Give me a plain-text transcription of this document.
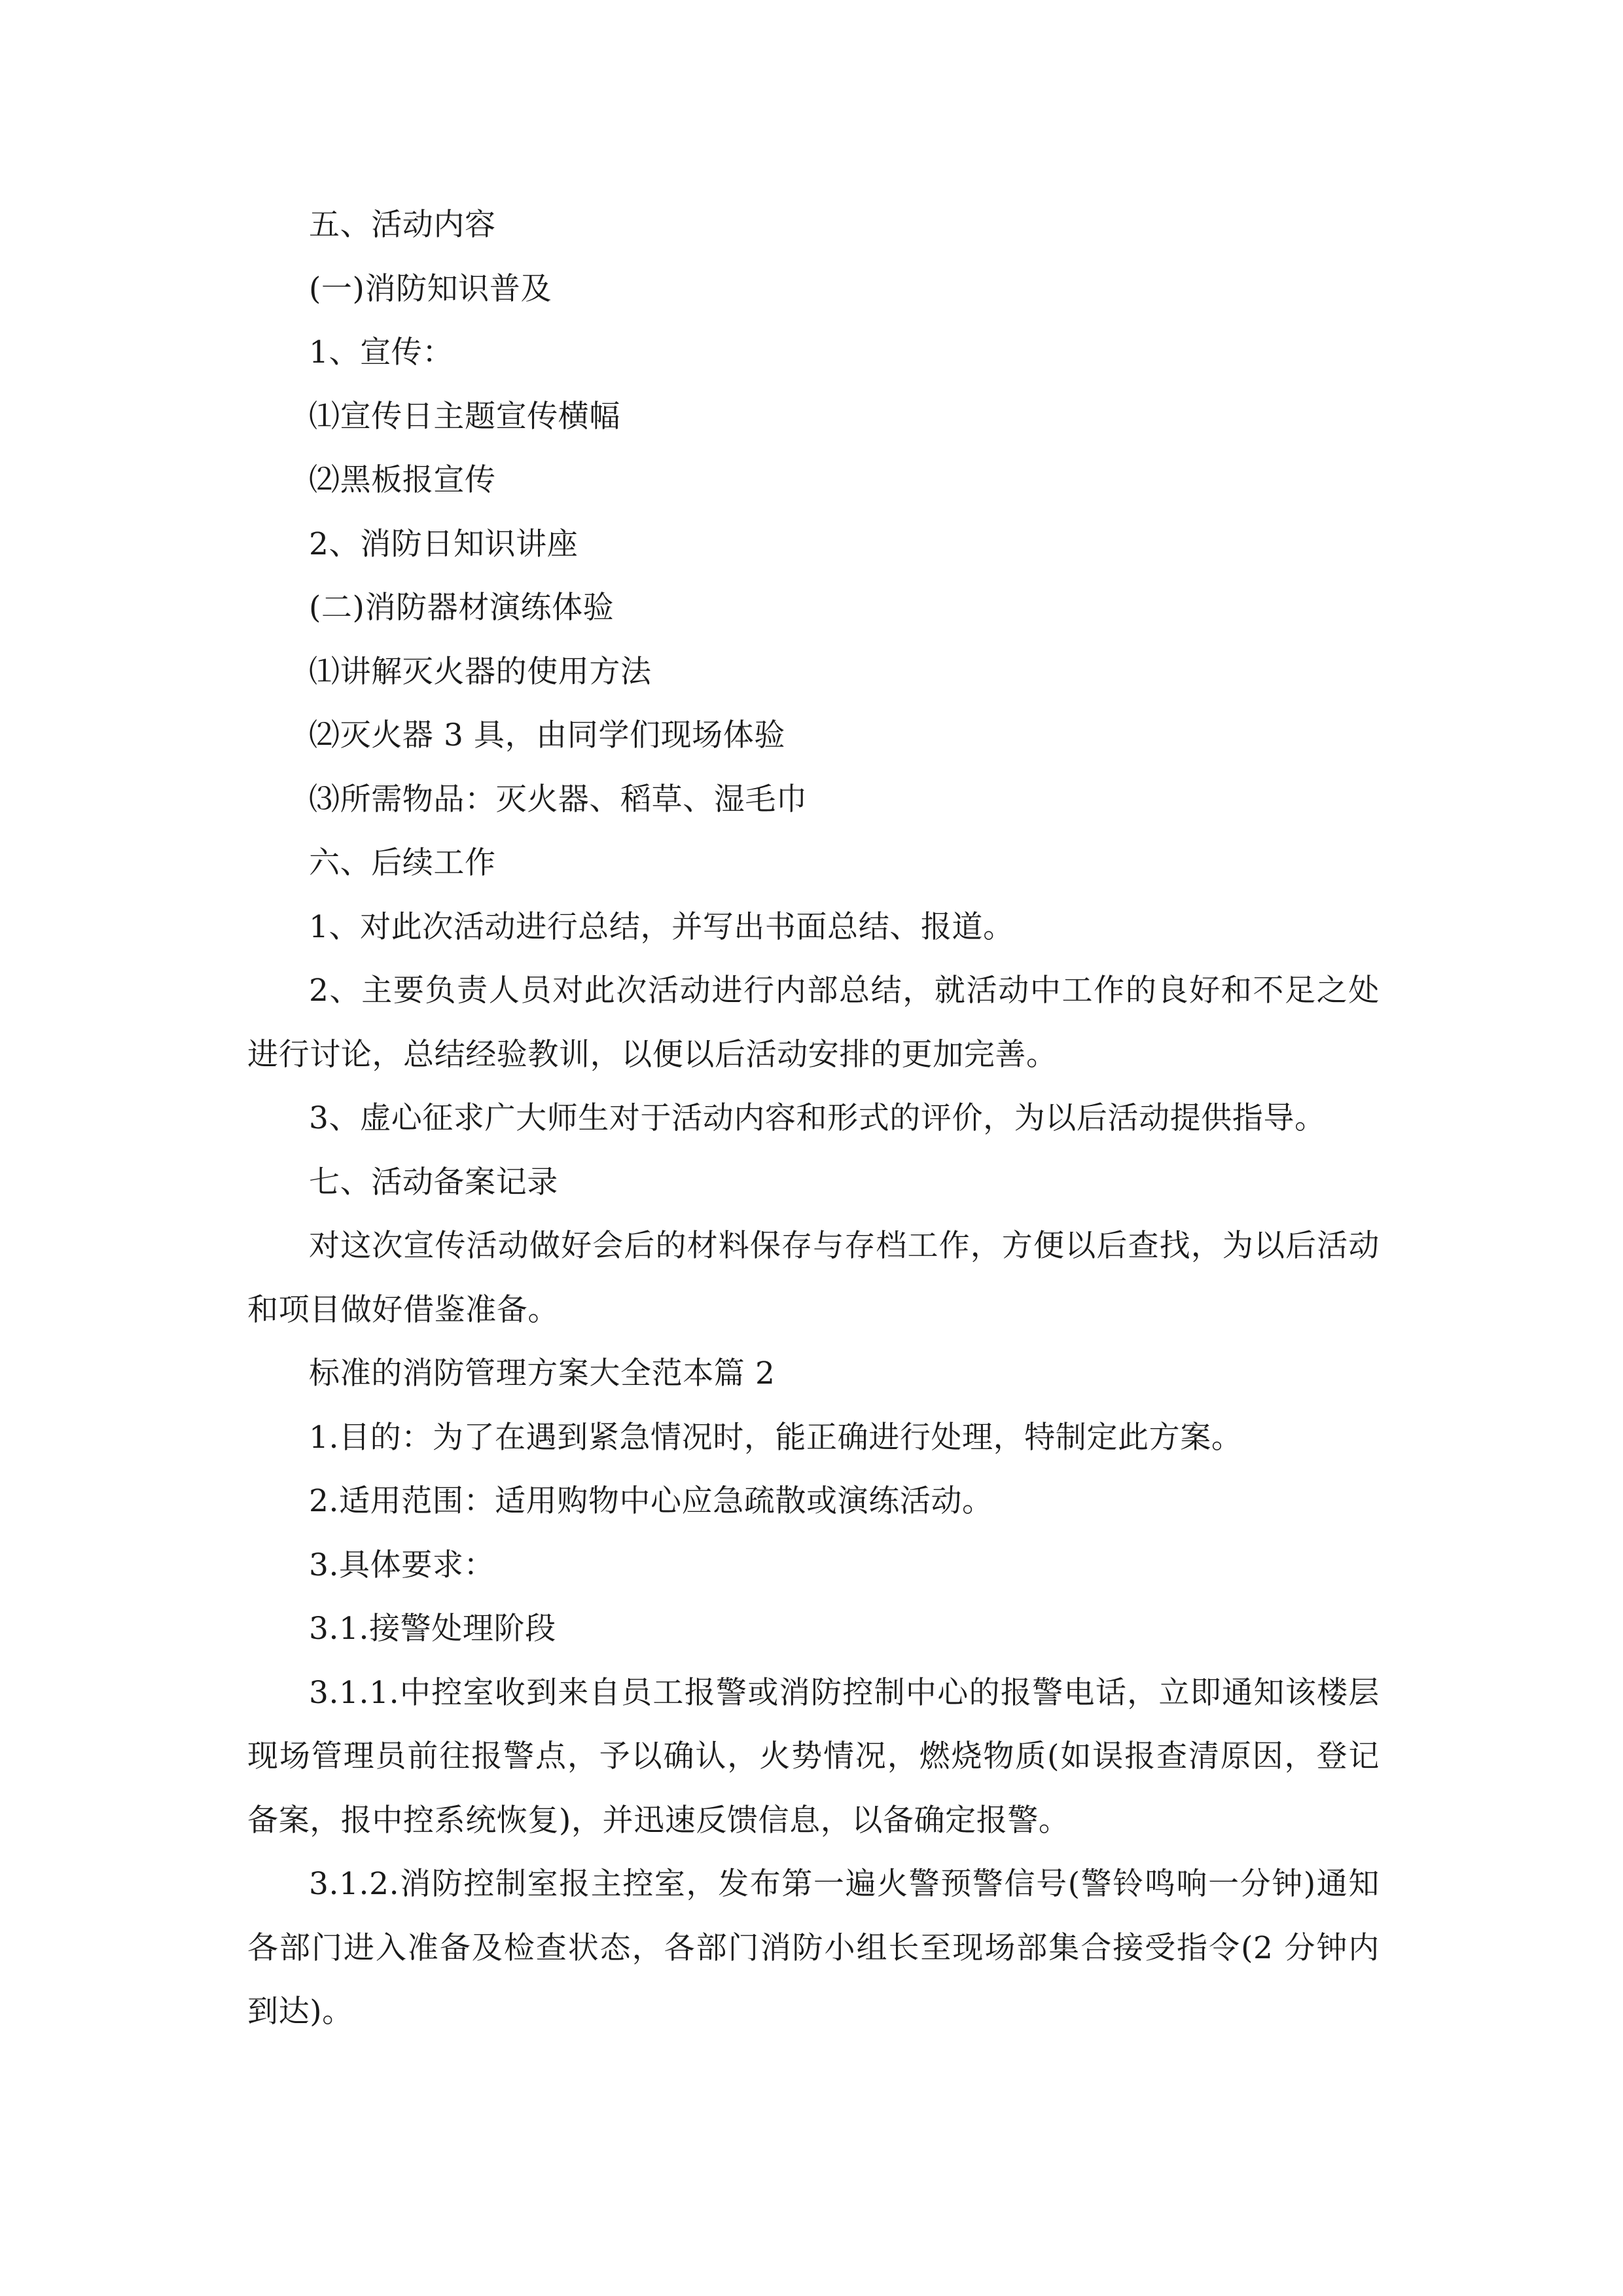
五、活动内容

(一)消防知识普及

1、宣传：

⑴宣传日主题宣传横幅

⑵黑板报宣传

2、消防日知识讲座

(二)消防器材演练体验

⑴讲解灭火器的使用方法

⑵灭火器 3 具，由同学们现场体验

⑶所需物品：灭火器、稻草、湿毛巾

六、后续工作

1、对此次活动进行总结，并写出书面总结、报道。

2、主要负责人员对此次活动进行内部总结，就活动中工作的良好和不足之处进行讨论，总结经验教训，以便以后活动安排的更加完善。

3、虚心征求广大师生对于活动内容和形式的评价，为以后活动提供指导。

七、活动备案记录

对这次宣传活动做好会后的材料保存与存档工作，方便以后查找，为以后活动和项目做好借鉴准备。

标准的消防管理方案大全范本篇 2

1.目的：为了在遇到紧急情况时，能正确进行处理，特制定此方案。

2.适用范围：适用购物中心应急疏散或演练活动。

3.具体要求：

3.1.接警处理阶段

3.1.1.中控室收到来自员工报警或消防控制中心的报警电话，立即通知该楼层现场管理员前往报警点，予以确认，火势情况，燃烧物质(如误报查清原因，登记备案，报中控系统恢复)，并迅速反馈信息，以备确定报警。

3.1.2.消防控制室报主控室，发布第一遍火警预警信号(警铃鸣响一分钟)通知各部门进入准备及检查状态，各部门消防小组长至现场部集合接受指令(2 分钟内到达)。
